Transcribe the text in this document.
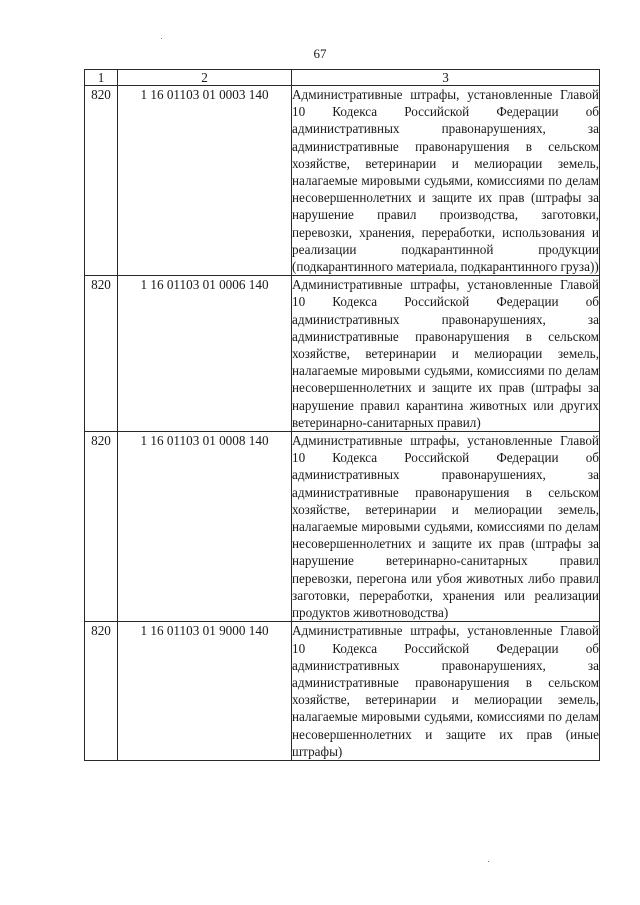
67
1	2	3
820	1 16 01103 01 0003 140	Административные штрафы, установленные Главой 10 Кодекса Российской Федерации об административных правонарушениях, за административные правонарушения в сельском хозяйстве, ветеринарии и мелиорации земель, налагаемые мировыми судьями, комиссиями по делам несовершеннолетних и защите их прав (штрафы за нарушение правил производства, заготовки, перевозки, хранения, переработки, использования и реализации подкарантинной продукции (подкарантинного материала, подкарантинного груза))
820	1 16 01103 01 0006 140	Административные штрафы, установленные Главой 10 Кодекса Российской Федерации об административных правонарушениях, за административные правонарушения в сельском хозяйстве, ветеринарии и мелиорации земель, налагаемые мировыми судьями, комиссиями по делам несовершеннолетних и защите их прав (штрафы за нарушение правил карантина животных или других ветеринарно-санитарных правил)
820	1 16 01103 01 0008 140	Административные штрафы, установленные Главой 10 Кодекса Российской Федерации об административных правонарушениях, за административные правонарушения в сельском хозяйстве, ветеринарии и мелиорации земель, налагаемые мировыми судьями, комиссиями по делам несовершеннолетних и защите их прав (штрафы за нарушение ветеринарно-санитарных правил перевозки, перегона или убоя животных либо правил заготовки, переработки, хранения или реализации продуктов животноводства)
820	1 16 01103 01 9000 140	Административные штрафы, установленные Главой 10 Кодекса Российской Федерации об административных правонарушениях, за административные правонарушения в сельском хозяйстве, ветеринарии и мелиорации земель, налагаемые мировыми судьями, комиссиями по делам несовершеннолетних и защите их прав (иные штрафы)
